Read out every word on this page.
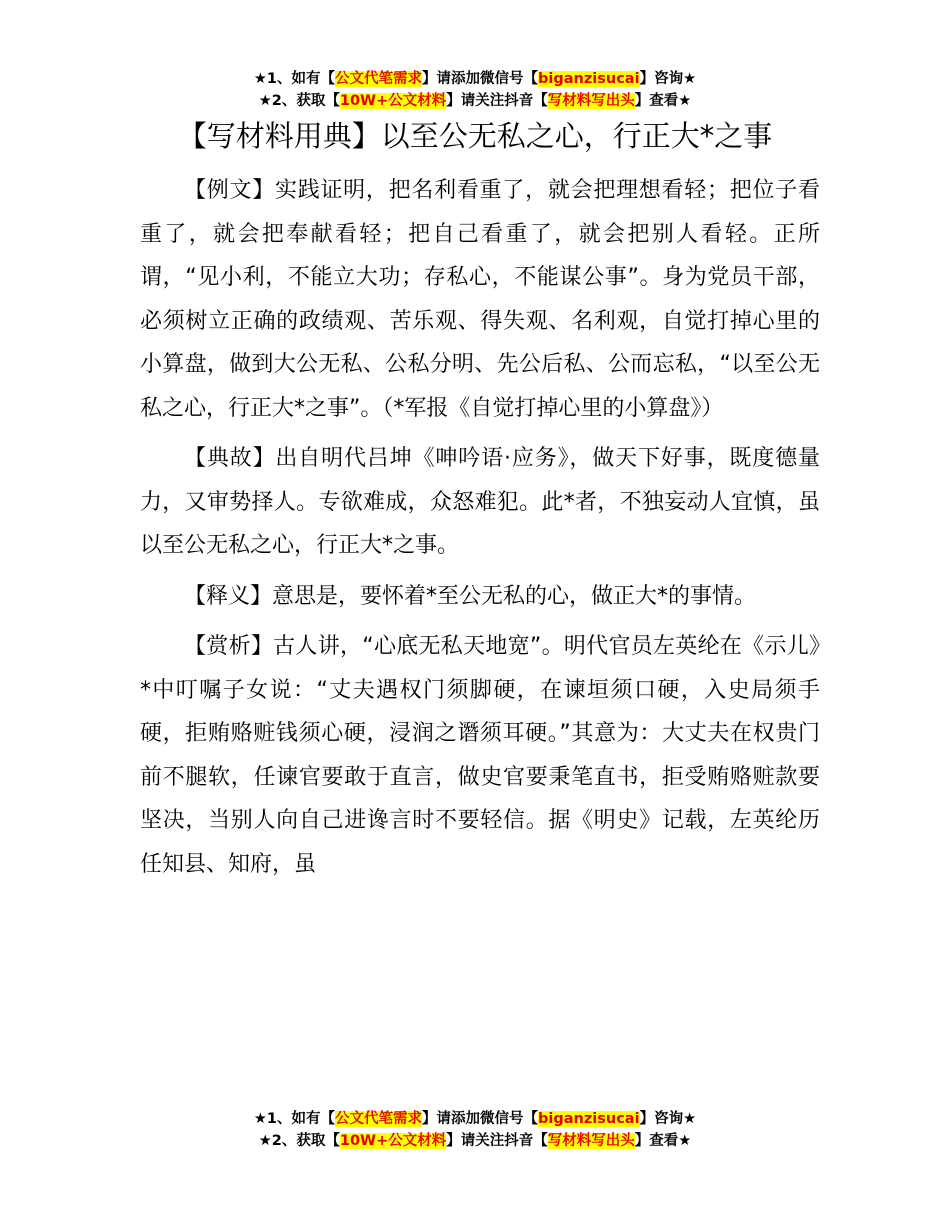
★1、如有【公文代笔需求】请添加微信号【biganzisucai】咨询★
★2、获取【10W+公文材料】请关注抖音【写材料写出头】查看★
【写材料用典】以至公无私之心，行正大*之事

【例文】实践证明，把名利看重了，就会把理想看轻；把位子看重了，就会把奉献看轻；把自己看重了，就会把别人看轻。正所谓，“见小利，不能立大功；存私心，不能谋公事”。身为党员干部，必须树立正确的政绩观、苦乐观、得失观、名利观，自觉打掉心里的小算盘，做到大公无私、公私分明、先公后私、公而忘私，“以至公无私之心，行正大*之事”。（*军报《自觉打掉心里的小算盘》）

【典故】出自明代吕坤《呻吟语·应务》，做天下好事，既度德量力，又审势择人。专欲难成，众怒难犯。此*者，不独妄动人宜慎，虽以至公无私之心，行正大*之事。

【释义】意思是，要怀着*至公无私的心，做正大*的事情。

【赏析】古人讲，“心底无私天地宽”。明代官员左英纶在《示儿》*中叮嘱子女说：“丈夫遇权门须脚硬，在谏垣须口硬，入史局须手硬，拒贿赂赃钱须心硬，浸润之谮须耳硬。”其意为：大丈夫在权贵门前不腿软，任谏官要敢于直言，做史官要秉笔直书，拒受贿赂赃款要坚决，当别人向自己进谗言时不要轻信。据《明史》记载，左英纶历任知县、知府，虽

★1、如有【公文代笔需求】请添加微信号【biganzisucai】咨询★
★2、获取【10W+公文材料】请关注抖音【写材料写出头】查看★
